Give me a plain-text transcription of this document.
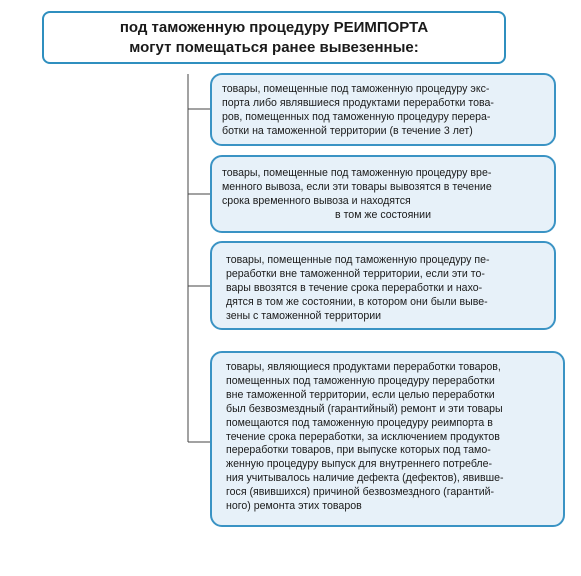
под таможенную процедуру РЕИМПОРТА
могут помещаться ранее вывезенные:
товары, помещенные под таможенную процедуру экс-
порта либо являвшиеся продуктами переработки това-
ров, помещенных под таможенную процедуру перера-
ботки на таможенной территории (в течение 3 лет)
товары, помещенные под таможенную процедуру вре-
менного вывоза, если эти товары вывозятся в течение
срока временного вывоза и находятся
в том же состоянии
товары, помещенные под таможенную процедуру пе-
реработки вне таможенной территории, если эти то-
вары ввозятся в течение срока переработки и нахо-
дятся в том же состоянии, в котором они были выве-
зены с таможенной территории
товары, являющиеся продуктами переработки товаров,
помещенных под таможенную процедуру переработки
вне таможенной территории, если целью переработки
был безвозмездный (гарантийный) ремонт и эти товары
помещаются под таможенную процедуру реимпорта в
течение срока переработки, за исключением продуктов
переработки товаров, при выпуске которых под тамо-
женную процедуру выпуск для внутреннего потребле-
ния учитывалось наличие дефекта (дефектов), явивше-
гося (явившихся) причиной безвозмездного (гарантий-
ного) ремонта этих товаров
